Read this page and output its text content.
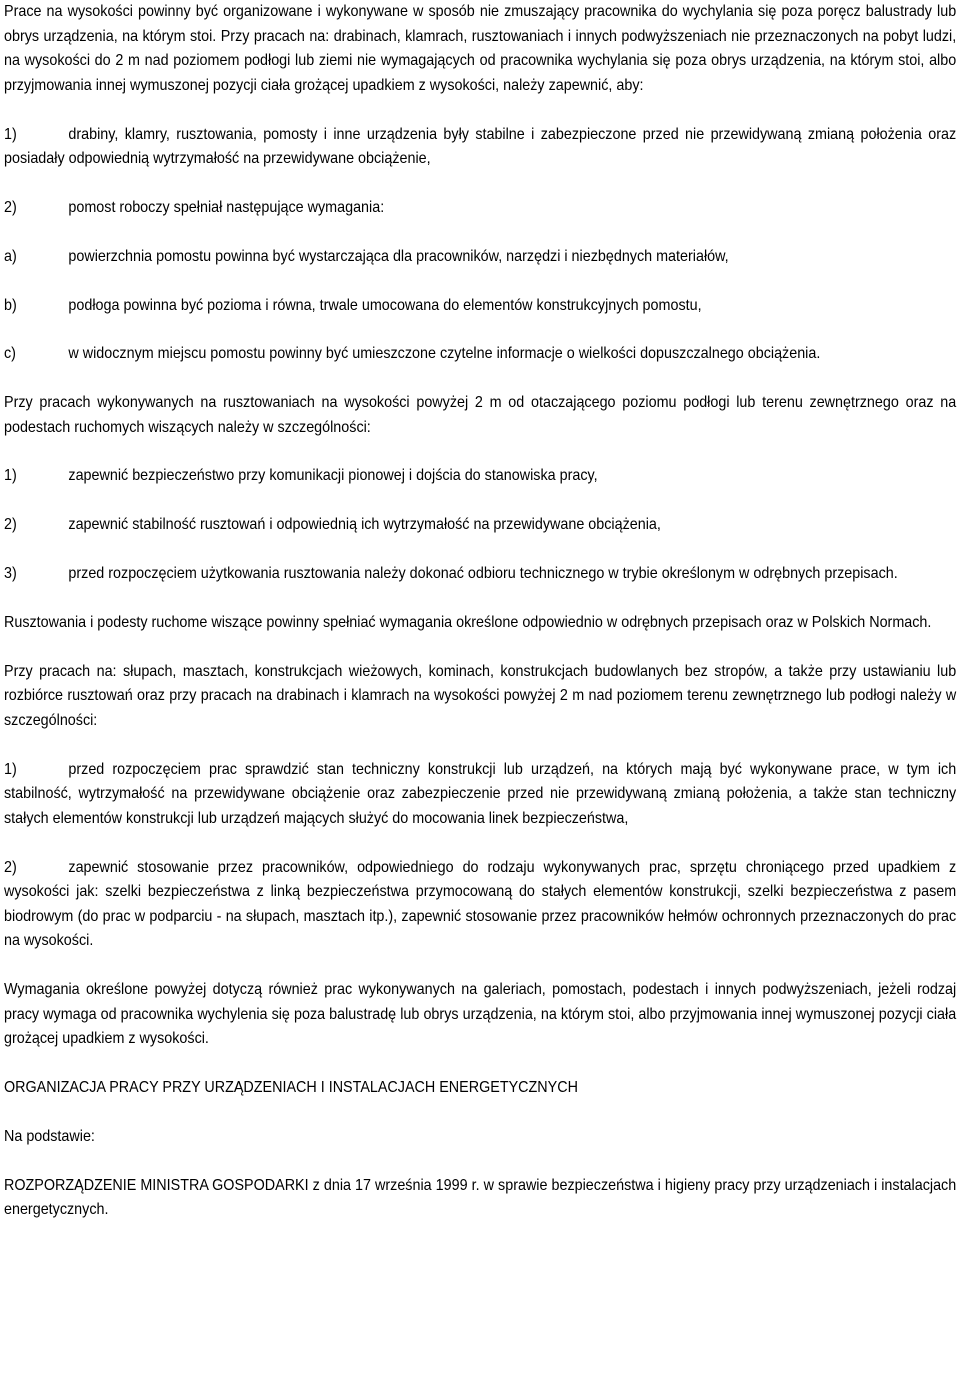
Prace na wysokości powinny być organizowane i wykonywane w sposób nie zmuszający pracownika do wychylania się poza poręcz balustrady lub obrys urządzenia, na którym stoi. Przy pracach na: drabinach, klamrach, rusztowaniach i innych podwyższeniach nie przeznaczonych na pobyt ludzi, na wysokości do 2 m nad poziomem podłogi lub ziemi nie wymagających od pracownika wychylania się poza obrys urządzenia, na którym stoi, albo przyjmowania innej wymuszonej pozycji ciała grożącej upadkiem z wysokości, należy zapewnić, aby:

1)	drabiny, klamry, rusztowania, pomosty i inne urządzenia były stabilne i zabezpieczone przed nie przewidywaną zmianą położenia oraz posiadały odpowiednią wytrzymałość na przewidywane obciążenie,

2)	pomost roboczy spełniał następujące wymagania:

a)	powierzchnia pomostu powinna być wystarczająca dla pracowników, narzędzi i niezbędnych materiałów,

b)	podłoga powinna być pozioma i równa, trwale umocowana do elementów konstrukcyjnych pomostu,

c)	w widocznym miejscu pomostu powinny być umieszczone czytelne informacje o wielkości dopuszczalnego obciążenia.

Przy pracach wykonywanych na rusztowaniach na wysokości powyżej 2 m od otaczającego poziomu podłogi lub terenu zewnętrznego oraz na podestach ruchomych wiszących należy w szczególności:

1)	zapewnić bezpieczeństwo przy komunikacji pionowej i dojścia do stanowiska pracy,

2)	zapewnić stabilność rusztowań i odpowiednią ich wytrzymałość na przewidywane obciążenia,

3)	przed rozpoczęciem użytkowania rusztowania należy dokonać odbioru technicznego w trybie określonym w odrębnych przepisach.

Rusztowania i podesty ruchome wiszące powinny spełniać wymagania określone odpowiednio w odrębnych przepisach oraz w Polskich Normach.

Przy pracach na: słupach, masztach, konstrukcjach wieżowych, kominach, konstrukcjach budowlanych bez stropów, a także przy ustawianiu lub rozbiórce rusztowań oraz przy pracach na drabinach i klamrach na wysokości powyżej 2 m nad poziomem terenu zewnętrznego lub podłogi należy w szczególności:

1)	przed rozpoczęciem prac sprawdzić stan techniczny konstrukcji lub urządzeń, na których mają być wykonywane prace, w tym ich stabilność, wytrzymałość na przewidywane obciążenie oraz zabezpieczenie przed nie przewidywaną zmianą położenia, a także stan techniczny stałych elementów konstrukcji lub urządzeń mających służyć do mocowania linek bezpieczeństwa,

2)	zapewnić stosowanie przez pracowników, odpowiedniego do rodzaju wykonywanych prac, sprzętu chroniącego przed upadkiem z wysokości jak: szelki bezpieczeństwa z linką bezpieczeństwa przymocowaną do stałych elementów konstrukcji, szelki bezpieczeństwa z pasem biodrowym (do prac w podparciu - na słupach, masztach itp.), zapewnić stosowanie przez pracowników hełmów ochronnych przeznaczonych do prac na wysokości.

Wymagania określone powyżej dotyczą również prac wykonywanych na galeriach, pomostach, podestach i innych podwyższeniach, jeżeli rodzaj pracy wymaga od pracownika wychylenia się poza balustradę lub obrys urządzenia, na którym stoi, albo przyjmowania innej wymuszonej pozycji ciała grożącej upadkiem z wysokości.

ORGANIZACJA PRACY PRZY URZĄDZENIACH I INSTALACJACH ENERGETYCZNYCH

Na podstawie:

ROZPORZĄDZENIE MINISTRA GOSPODARKI z dnia 17 września 1999 r. w sprawie bezpieczeństwa i higieny pracy przy urządzeniach i instalacjach energetycznych.
